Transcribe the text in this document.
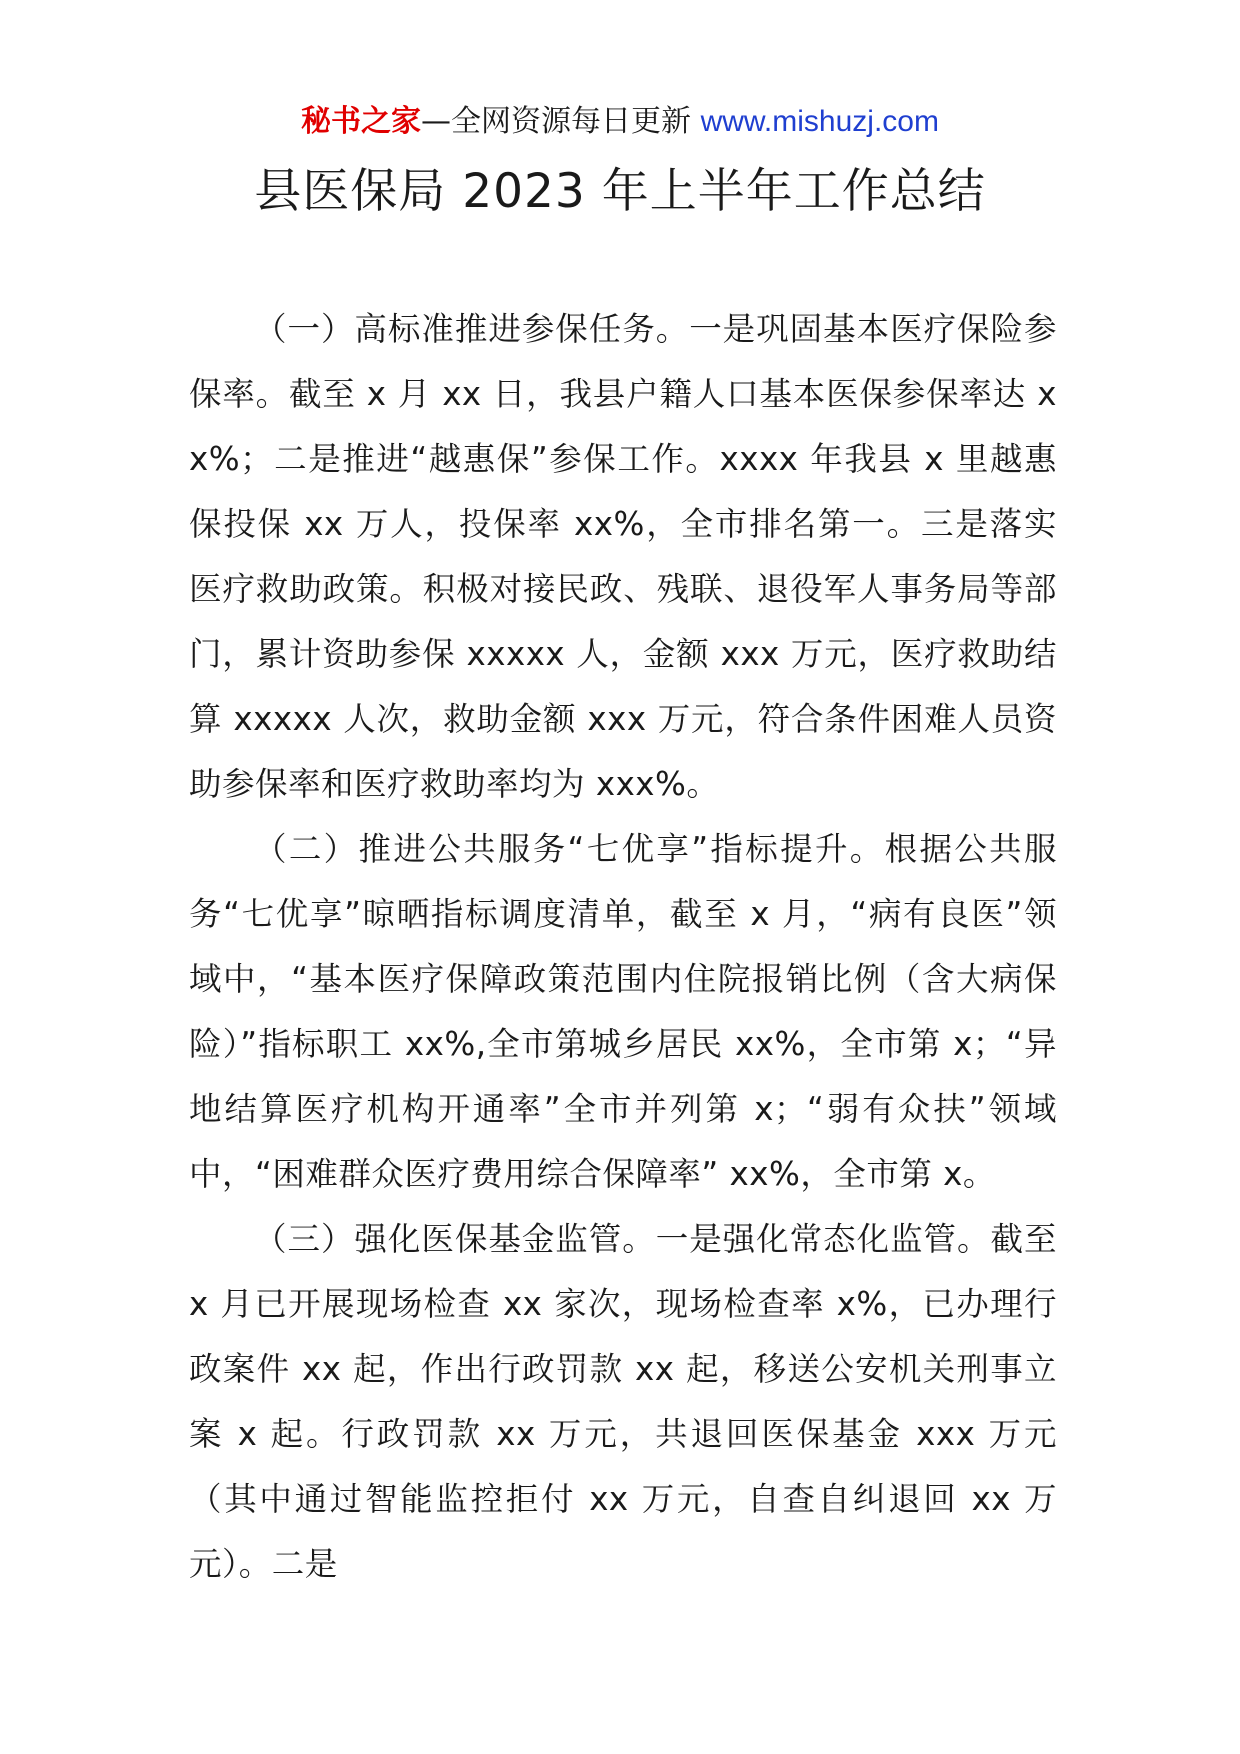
秘书之家—全网资源每日更新 www.mishuzj.com
县医保局 2023 年上半年工作总结

（一）高标准推进参保任务。一是巩固基本医疗保险参保率。截至 x 月 xx 日，我县户籍人口基本医保参保率达 xx%；二是推进“越惠保”参保工作。xxxx 年我县 x 里越惠保投保 xx 万人，投保率 xx%，全市排名第一。三是落实医疗救助政策。积极对接民政、残联、退役军人事务局等部门，累计资助参保 xxxxx 人，金额 xxx 万元，医疗救助结算 xxxxx 人次，救助金额 xxx 万元，符合条件困难人员资助参保率和医疗救助率均为 xxx%。

（二）推进公共服务“七优享”指标提升。根据公共服务“七优享”晾晒指标调度清单，截至 x 月，“病有良医”领域中，“基本医疗保障政策范围内住院报销比例（含大病保险）”指标职工 xx%,全市第城乡居民 xx%，全市第 x；“异地结算医疗机构开通率”全市并列第 x；“弱有众扶”领域中，“困难群众医疗费用综合保障率” xx%，全市第 x。

（三）强化医保基金监管。一是强化常态化监管。截至 x 月已开展现场检查 xx 家次，现场检查率 x%，已办理行政案件 xx 起，作出行政罚款 xx 起，移送公安机关刑事立案 x 起。行政罚款 xx 万元，共退回医保基金 xxx 万元（其中通过智能监控拒付 xx 万元，自查自纠退回 xx 万元）。二是
